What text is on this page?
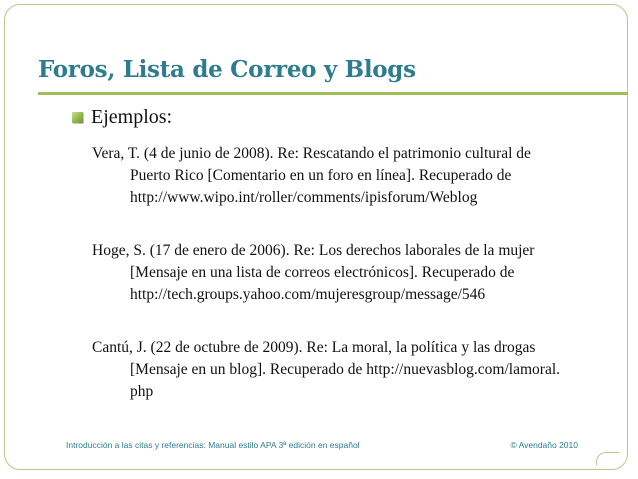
Foros, Lista de Correo y Blogs
Ejemplos:

Vera, T. (4 de junio de 2008). Re: Rescatando el patrimonio cultural de
Puerto Rico [Comentario en un foro en línea]. Recuperado de
http://www.wipo.int/roller/comments/ipisforum/Weblog

Hoge, S. (17 de enero de 2006). Re: Los derechos laborales de la mujer
[Mensaje en una lista de correos electrónicos]. Recuperado de
http://tech.groups.yahoo.com/mujeresgroup/message/546

Cantú, J. (22 de octubre de 2009). Re: La moral, la política y las drogas
[Mensaje en un blog]. Recuperado de http://nuevasblog.com/lamoral.
php

Introducción a las citas y referencias: Manual estilo APA 3ª edición en español	© Avendaño 2010
